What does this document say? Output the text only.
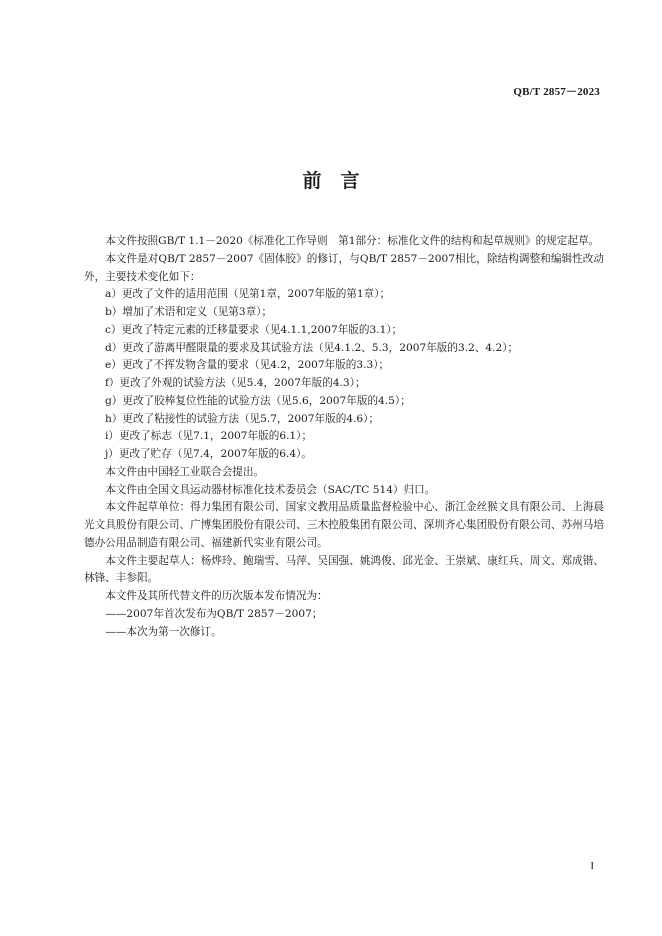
QB/T 2857－2023
前　言

本文件按照GB/T 1.1－2020《标准化工作导则　第1部分：标准化文件的结构和起草规则》的规定起草。

本文件是对QB/T 2857－2007《固体胶》的修订，与QB/T 2857－2007相比，除结构调整和编辑性改动外，主要技术变化如下：

a）更改了文件的适用范围（见第1章，2007年版的第1章）；

b）增加了术语和定义（见第3章）；

c）更改了特定元素的迁移量要求（见4.1.1,2007年版的3.1）；

d）更改了游离甲醛限量的要求及其试验方法（见4.1.2、5.3，2007年版的3.2、4.2）；

e）更改了不挥发物含量的要求（见4.2，2007年版的3.3）；

f）更改了外观的试验方法（见5.4，2007年版的4.3）；

g）更改了胶棒复位性能的试验方法（见5.6，2007年版的4.5）；

h）更改了粘接性的试验方法（见5.7，2007年版的4.6）；

i）更改了标志（见7.1，2007年版的6.1）；

j）更改了贮存（见7.4，2007年版的6.4）。

本文件由中国轻工业联合会提出。

本文件由全国文具运动器材标准化技术委员会（SAC/TC 514）归口。

本文件起草单位：得力集团有限公司、国家文教用品质量监督检验中心、浙江金丝猴文具有限公司、上海晨光文具股份有限公司、广博集团股份有限公司、三木控股集团有限公司、深圳齐心集团股份有限公司、苏州马培德办公用品制造有限公司、福建新代实业有限公司。

本文件主要起草人：杨烨玲、鲍瑞雪、马萍、吴国强、姚鸿俊、邱光金、王崇斌、康红兵、周文、郑成锴、林锋、丰参阳。

本文件及其所代替文件的历次版本发布情况为：

——2007年首次发布为QB/T 2857－2007；

——本次为第一次修订。

I
